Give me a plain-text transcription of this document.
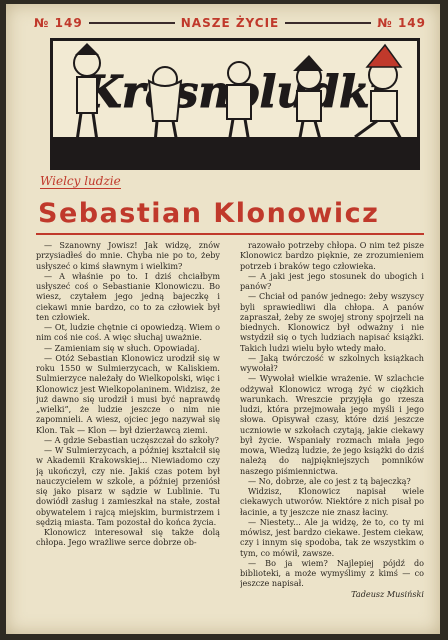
№ 149	NASZE ŻYCIE	№ 149
Wielcy ludzie
Sebastian Klonowicz

— Szanowny Jowisz! Jak widzę, znów przysiadłeś do mnie. Chyba nie po to, żeby usłyszeć o kimś sławnym i wielkim?

— A właśnie po to. I dziś chciałbym usłyszeć coś o Sebastianie Klonowiczu. Bo wiesz, czytałem jego jedną bajeczkę i ciekawi mnie bardzo, co to za człowiek był ten człowiek.

— Ot, ludzie chętnie ci opowiedzą. Wiem o nim coś nie coś. A więc słuchaj uważnie.

— Zamieniam się w słuch. Opowiadaj.

— Otóż Sebastian Klonowicz urodził się w roku 1550 w Sulmierzycach, w Kaliskiem. Sulmierzyce należały do Wielkopolski, więc i Klonowicz jest Wielkopolaninem. Widzisz, że już dawno się urodził i musi być naprawdę „wielki”, że ludzie jeszcze o nim nie zapomnieli. A wiesz, ojciec jego nazywał się Klon. Tak — Klon — był dzierżawcą ziemi.

— A gdzie Sebastian uczęszczał do szkoły?

— W Sulmierzycach, a później kształcił się w Akademii Krakowskiej... Niewiadomo czy ją ukończył, czy nie. Jakiś czas potem był nauczycielem w szkole, a później przeniósł się jako pisarz w sądzie w Lublinie. Tu dowiódł zasług i zamieszkał na stałe, został obywatelem i rajcą miejskim, burmistrzem i sędzią miasta. Tam pozostał do końca życia.

Klonowicz interesował się także dolą chłopa. Jego wrażliwe serce dobrze ob-

razowało potrzeby chłopa. O nim też pisze Klonowicz bardzo pięknie, ze zrozumieniem potrzeb i braków tego człowieka.

— A jaki jest jego stosunek do ubogich i panów?

— Chciał od panów jednego: żeby wszyscy byli sprawiedliwi dla chłopa. A panów zapraszał, żeby ze swojej strony spojrzeli na biednych. Klonowicz był odważny i nie wstydził się o tych ludziach napisać książki. Takich ludzi wielu było wtedy mało.

— Jaką twórczość w szkolnych książkach wywołał?

— Wywołał wielkie wrażenie. W szlachcie odżywał Klonowicz wrogą żyć w ciężkich warunkach. Wreszcie przyjęła go rzesza ludzi, która przejmowała jego myśli i jego słowa. Opisywał czasy, które dziś jeszcze uczniowie w szkołach czytają, jakie ciekawy był życie. Wspaniały rozmach miała jego mowa, Wiedzą ludzie, że jego książki do dziś należą do najpiękniejszych pomników naszego piśmiennictwa.

— No, dobrze, ale co jest z tą bajeczką?

Widzisz, Klonowicz napisał wiele ciekawych utworów. Niektóre z nich pisał po łacinie, a ty jeszcze nie znasz łaciny.

— Niestety... Ale ja widzę, że to, co ty mi mówisz, jest bardzo ciekawe. Jestem ciekaw, czy i innym się spodoba, tak ze wszystkim o tym, co mówił, zawsze.

— Bo ja wiem? Najlepiej pójdź do biblioteki, a może wymyślimy z kimś — co jeszcze napisał.

Tadeusz Musiński
